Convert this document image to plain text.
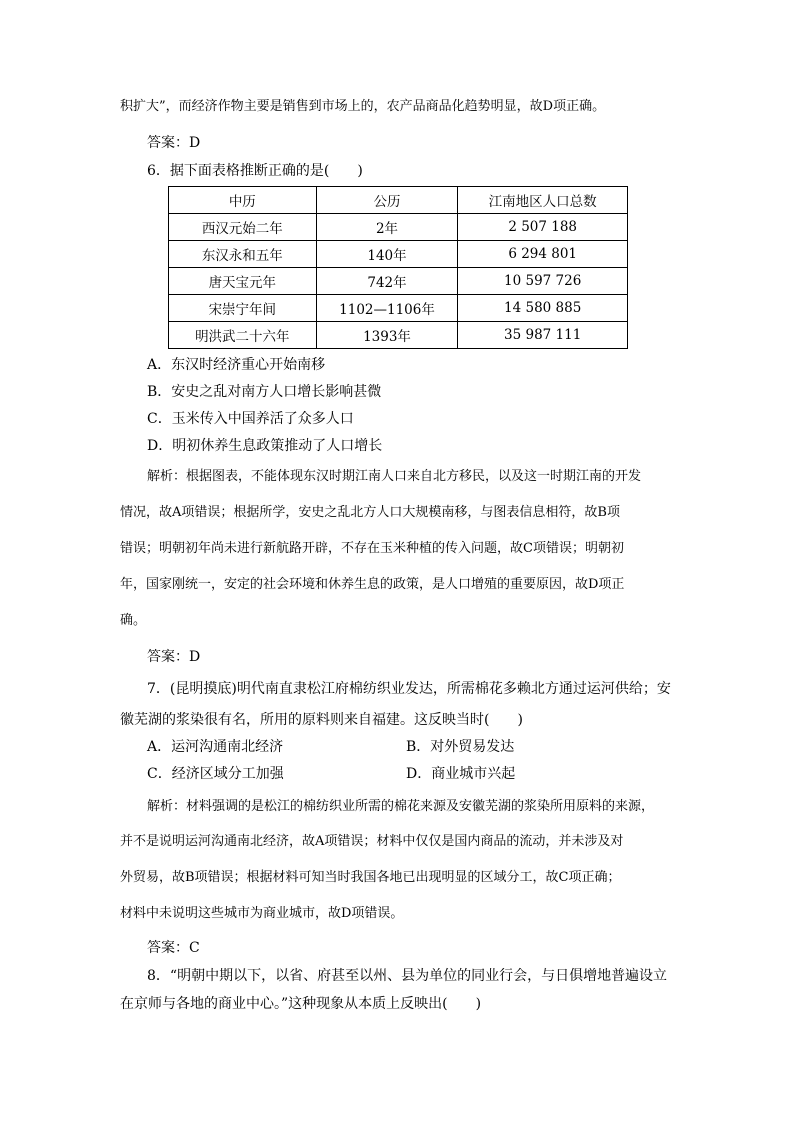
积扩大”，而经济作物主要是销售到市场上的，农产品商品化趋势明显，故D项正确。
答案：D
6．据下面表格推断正确的是(　　)
中历	公历	江南地区人口总数
西汉元始二年	2年	2 507 188
东汉永和五年	140年	6 294 801
唐天宝元年	742年	10 597 726
宋崇宁年间	1102—1106年	14 580 885
明洪武二十六年	1393年	35 987 111
A．东汉时经济重心开始南移
B．安史之乱对南方人口增长影响甚微
C．玉米传入中国养活了众多人口
D．明初休养生息政策推动了人口增长
解析：根据图表，不能体现东汉时期江南人口来自北方移民，以及这一时期江南的开发
情况，故A项错误；根据所学，安史之乱北方人口大规模南移，与图表信息相符，故B项
错误；明朝初年尚未进行新航路开辟，不存在玉米种植的传入问题，故C项错误；明朝初
年，国家刚统一，安定的社会环境和休养生息的政策，是人口增殖的重要原因，故D项正
确。
答案：D
7．(昆明摸底)明代南直隶松江府棉纺织业发达，所需棉花多赖北方通过运河供给；安
徽芜湖的浆染很有名，所用的原料则来自福建。这反映当时(　　)
A．运河沟通南北经济	B．对外贸易发达
C．经济区域分工加强	D．商业城市兴起
解析：材料强调的是松江的棉纺织业所需的棉花来源及安徽芜湖的浆染所用原料的来源，
并不是说明运河沟通南北经济，故A项错误；材料中仅仅是国内商品的流动，并未涉及对
外贸易，故B项错误；根据材料可知当时我国各地已出现明显的区域分工，故C项正确；
材料中未说明这些城市为商业城市，故D项错误。
答案：C
8．“明朝中期以下，以省、府甚至以州、县为单位的同业行会，与日俱增地普遍设立
在京师与各地的商业中心。”这种现象从本质上反映出(　　)
